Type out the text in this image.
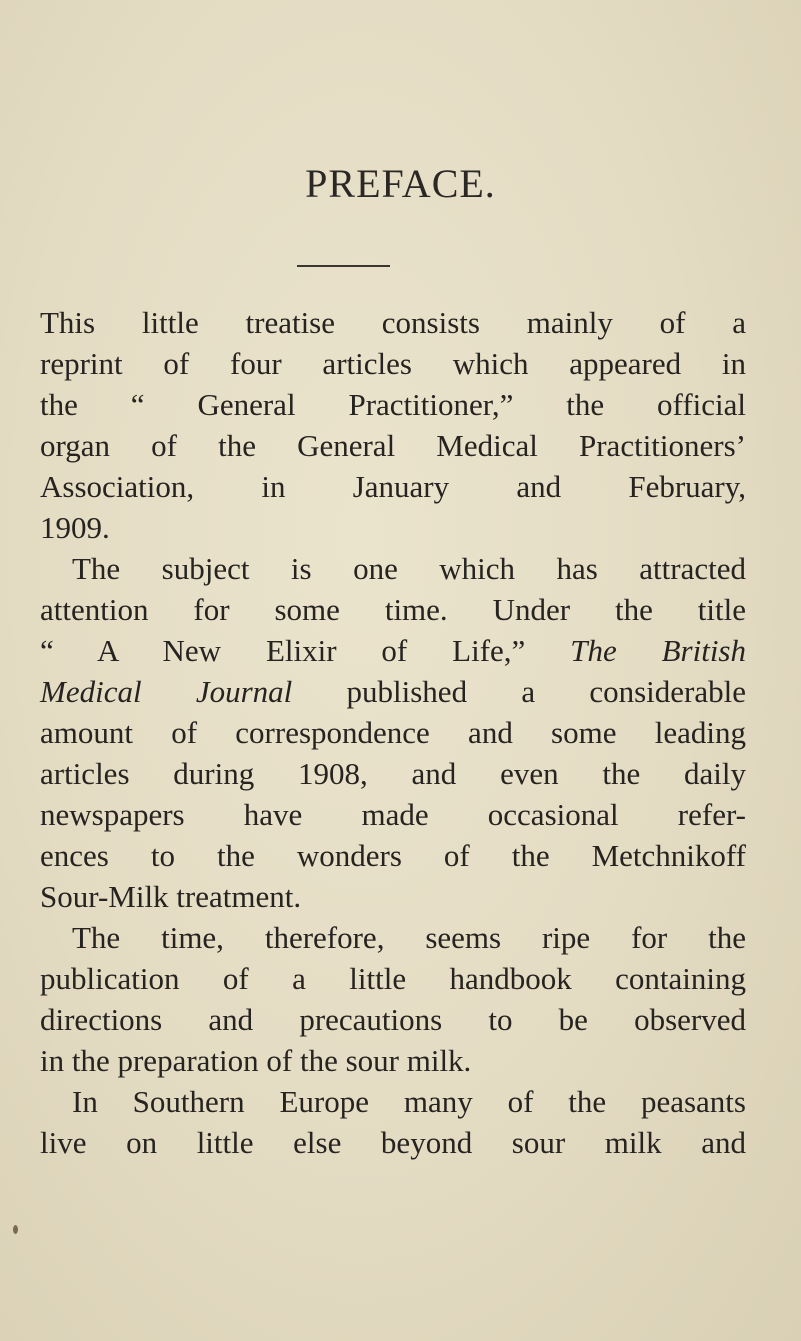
PREFACE.
This little treatise consists mainly of a
reprint of four articles which appeared in
the “ General Practitioner,” the official
organ of the General Medical Practitioners’
Association, in January and February,
1909.
The subject is one which has attracted
attention for some time. Under the title
“ A New Elixir of Life,” The British
Medical Journal published a considerable
amount of correspondence and some leading
articles during 1908, and even the daily
newspapers have made occasional refer-
ences to the wonders of the Metchnikoff
Sour-Milk treatment.
The time, therefore, seems ripe for the
publication of a little handbook containing
directions and precautions to be observed
in the preparation of the sour milk.
In Southern Europe many of the peasants
live on little else beyond sour milk and
